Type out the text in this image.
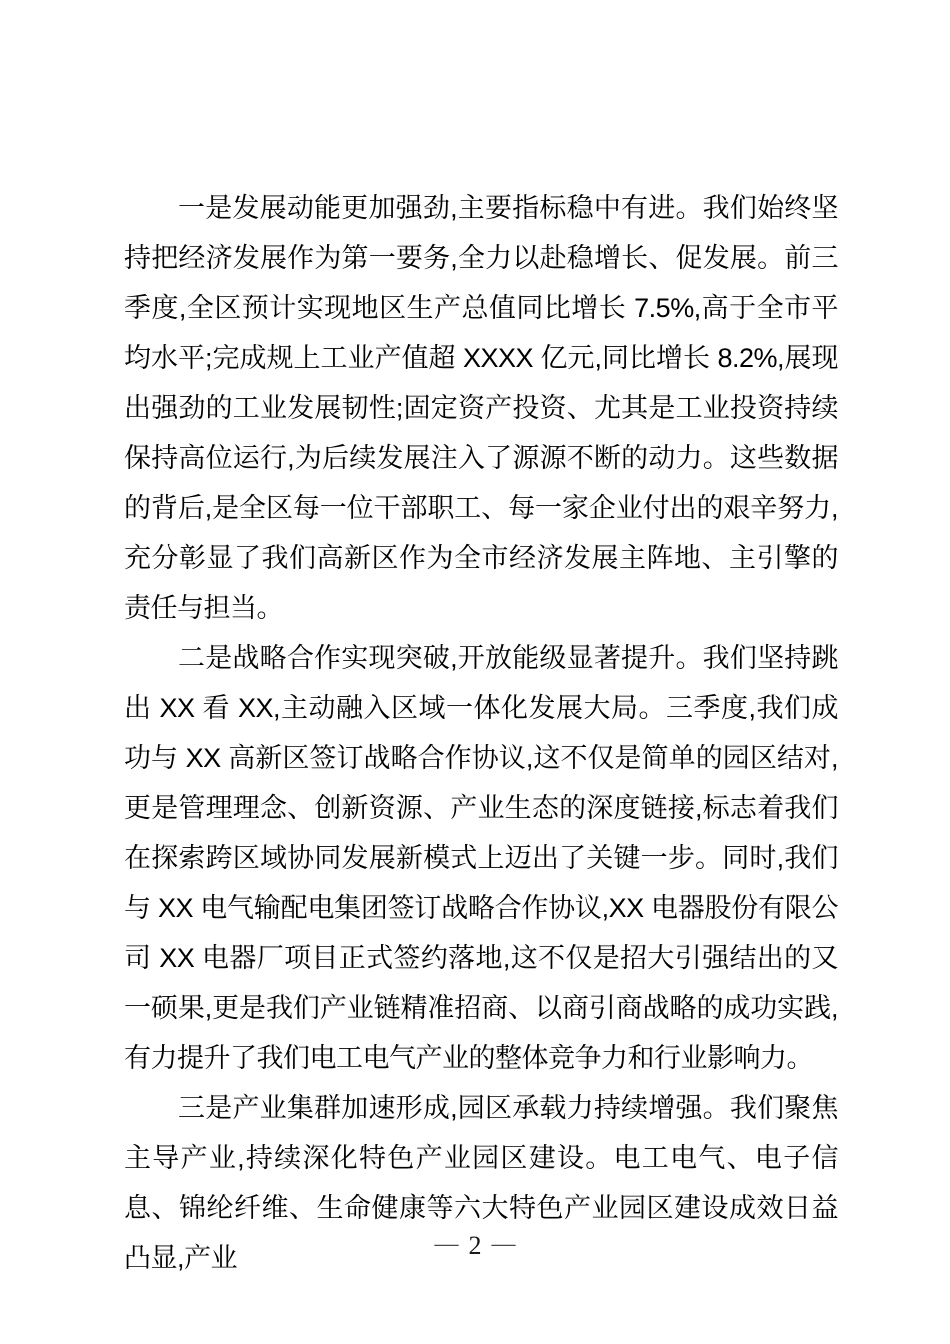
一是发展动能更加强劲,主要指标稳中有进。我们始终坚持把经济发展作为第一要务,全力以赴稳增长、促发展。前三季度,全区预计实现地区生产总值同比增长 7.5%,高于全市平均水平;完成规上工业产值超 XXXX 亿元,同比增长 8.2%,展现出强劲的工业发展韧性;固定资产投资、尤其是工业投资持续保持高位运行,为后续发展注入了源源不断的动力。这些数据的背后,是全区每一位干部职工、每一家企业付出的艰辛努力,充分彰显了我们高新区作为全市经济发展主阵地、主引擎的责任与担当。

二是战略合作实现突破,开放能级显著提升。我们坚持跳出 XX 看 XX,主动融入区域一体化发展大局。三季度,我们成功与 XX 高新区签订战略合作协议,这不仅是简单的园区结对,更是管理理念、创新资源、产业生态的深度链接,标志着我们在探索跨区域协同发展新模式上迈出了关键一步。同时,我们与 XX 电气输配电集团签订战略合作协议,XX 电器股份有限公司 XX 电器厂项目正式签约落地,这不仅是招大引强结出的又一硕果,更是我们产业链精准招商、以商引商战略的成功实践,有力提升了我们电工电气产业的整体竞争力和行业影响力。

三是产业集群加速形成,园区承载力持续增强。我们聚焦主导产业,持续深化特色产业园区建设。电工电气、电子信息、锦纶纤维、生命健康等六大特色产业园区建设成效日益凸显,产业	— 2 —
